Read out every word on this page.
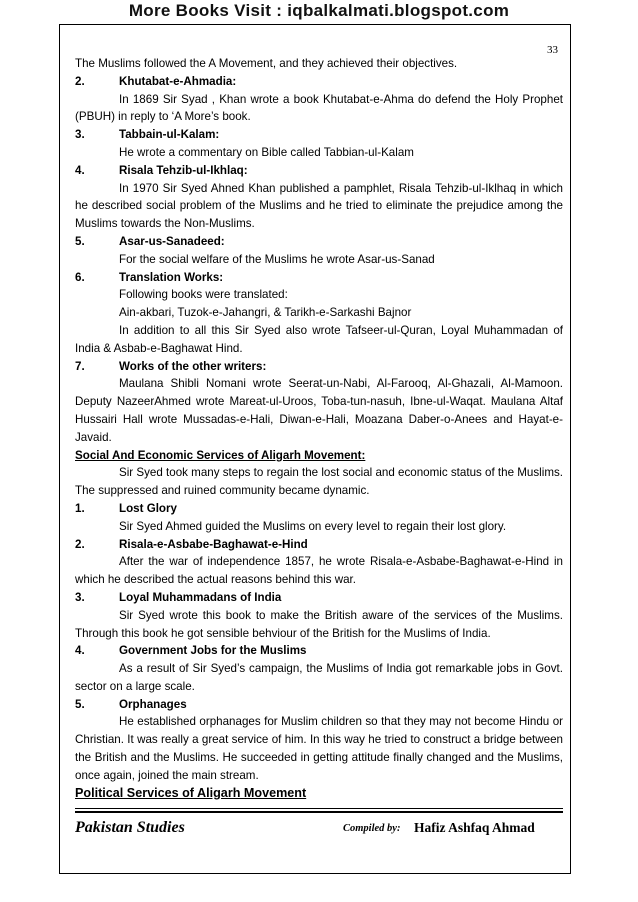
More Books Visit : iqbalkalmati.blogspot.com
33

The Muslims followed the A Movement, and they achieved their objectives.

2.	Khutabat-e-Ahmadia:

In 1869 Sir Syad , Khan wrote a book Khutabat-e-Ahma do defend the Holy Prophet (PBUH) in reply to ‘A More’s book.

3.	Tabbain-ul-Kalam:

He wrote a commentary on Bible called Tabbian-ul-Kalam

4.	Risala Tehzib-ul-Ikhlaq:

In 1970 Sir Syed Ahned Khan published a pamphlet, Risala Tehzib-ul-Iklhaq in which he described social problem of the Muslims and he tried to eliminate the prejudice among the Muslims towards the Non-Muslims.

5.	Asar-us-Sanadeed:

For the social welfare of the Muslims he wrote Asar-us-Sanad

6.	Translation Works:

Following books were translated:

Ain-akbari, Tuzok-e-Jahangri, & Tarikh-e-Sarkashi Bajnor

In addition to all this Sir Syed also wrote Tafseer-ul-Quran, Loyal Muhammadan of India & Asbab-e-Baghawat Hind.

7.	Works of the other writers:

Maulana Shibli Nomani wrote Seerat-un-Nabi, Al-Farooq, Al-Ghazali, Al-Mamoon. Deputy NazeerAhmed wrote Mareat-ul-Uroos, Toba-tun-nasuh, Ibne-ul-Waqat. Maulana Altaf Hussairi Hall wrote Mussadas-e-Hali, Diwan-e-Hali, Moazana Daber-o-Anees and Hayat-e-Javaid.

Social And Economic Services of Aligarh Movement:

Sir Syed took many steps to regain the lost social and economic status of the Muslims. The suppressed and ruined community became dynamic.

1.	Lost Glory

Sir Syed Ahmed guided the Muslims on every level to regain their lost glory.

2.	Risala-e-Asbabe-Baghawat-e-Hind

After the war of independence 1857, he wrote Risala-e-Asbabe-Baghawat-e-Hind in which he described the actual reasons behind this war.

3.	Loyal Muhammadans of India

Sir Syed wrote this book to make the British aware of the services of the Muslims. Through this book he got sensible behviour of the British for the Muslims of India.

4.	Government Jobs for the Muslims

As a result of Sir Syed’s campaign, the Muslims of India got remarkable jobs in Govt. sector on a large scale.

5.	Orphanages

He established orphanages for Muslim children so that they may not become Hindu or Christian. It was really a great service of him. In this way he tried to construct a bridge between the British and the Muslims. He succeeded in getting attitude finally changed and the Muslims, once again, joined the main stream.

Political Services of Aligarh Movement

Pakistan Studies	Compiled by: Hafiz Ashfaq Ahmad
